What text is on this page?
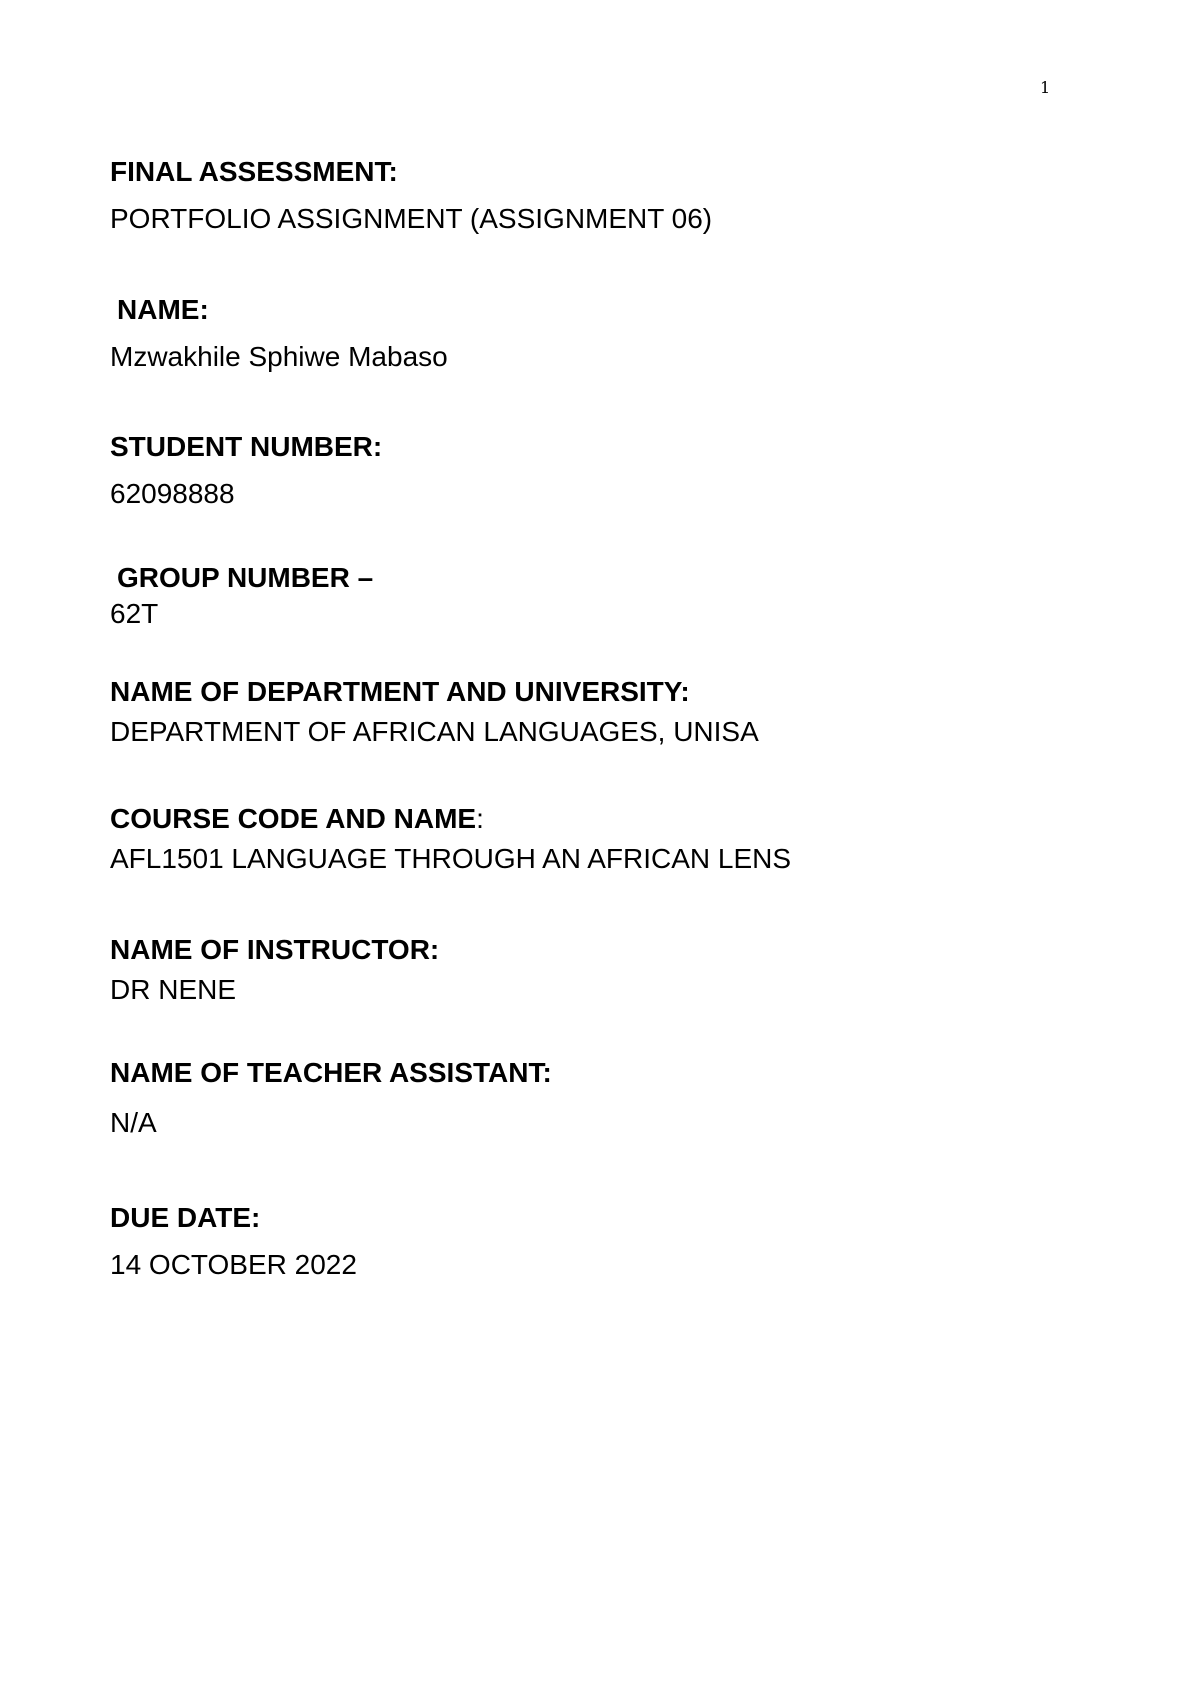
1
FINAL ASSESSMENT:
PORTFOLIO ASSIGNMENT (ASSIGNMENT 06)
NAME:
Mzwakhile Sphiwe Mabaso
STUDENT NUMBER:
62098888
GROUP NUMBER –
62T
NAME OF DEPARTMENT AND UNIVERSITY:
DEPARTMENT OF AFRICAN LANGUAGES, UNISA
COURSE CODE AND NAME:
AFL1501 LANGUAGE THROUGH AN AFRICAN LENS
NAME OF INSTRUCTOR:
DR NENE
NAME OF TEACHER ASSISTANT:
N/A
DUE DATE:
14 OCTOBER 2022
